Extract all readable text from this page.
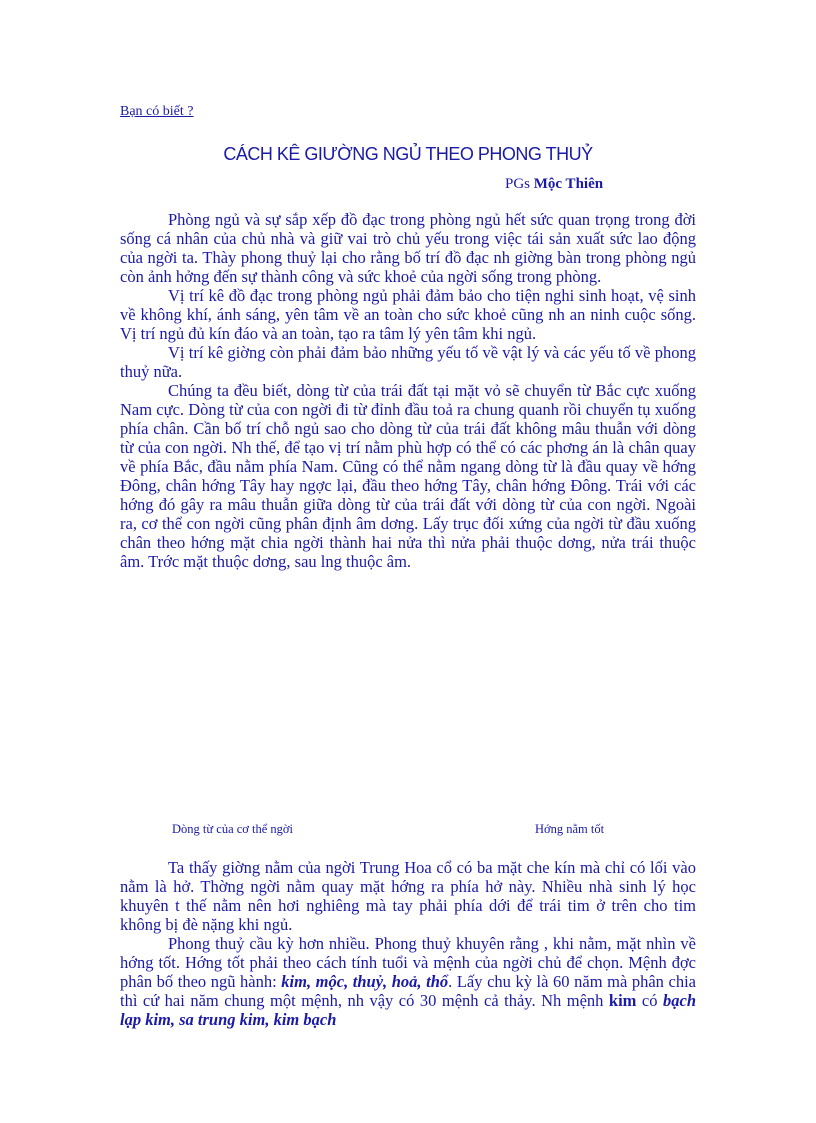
Bạn có biết ?
CÁCH KÊ GIƯỜNG NGỦ THEO PHONG THUỶ
PGs Mộc Thiên

Phòng ngủ và sự sắp xếp đồ đạc trong phòng ngủ hết sức quan trọng trong đời sống cá nhân của chủ nhà và giữ vai trò chủ yếu trong việc tái sản xuất sức lao động của ngời ta. Thày phong thuỷ lại cho rằng bố trí đồ đạc nh giờng bàn trong phòng ngủ còn ảnh hởng đến sự thành công và sức khoẻ của ngời sống trong phòng.

Vị trí kê đồ đạc trong phòng ngủ phải đảm bảo cho tiện nghi sinh hoạt, vệ sinh về không khí, ánh sáng, yên tâm về an toàn cho sức khoẻ cũng nh an ninh cuộc sống. Vị trí ngủ đủ kín đáo và an toàn, tạo ra tâm lý yên tâm khi ngủ.

Vị trí kê giờng còn phải đảm bảo những yếu tố về vật lý và các yếu tố về phong thuỷ nữa.

Chúng ta đều biết, dòng từ của trái đất tại mặt vỏ sẽ chuyển từ Bắc cực xuống Nam cực. Dòng từ của con ngời đi từ đỉnh đầu toả ra chung quanh rồi chuyển tụ xuống phía chân. Cần bố trí chỗ ngủ sao cho dòng từ của trái đất không mâu thuẫn với dòng từ của con ngời. Nh thế, để tạo vị trí nằm phù hợp có thể có các phơng án là chân quay về phía Bắc, đầu nằm phía Nam. Cũng có thể nằm ngang dòng từ là đầu quay về hớng Đông, chân hớng Tây hay ngợc lại, đầu theo hớng Tây, chân hớng Đông. Trái với các hớng đó gây ra mâu thuẫn giữa dòng từ của trái đất với dòng từ của con ngời. Ngoài ra, cơ thể con ngời cũng phân định âm dơng. Lấy trục đối xứng của ngời từ đầu xuống chân theo hớng mặt chia ngời thành hai nửa thì nửa phải thuộc dơng, nửa trái thuộc âm. Trớc mặt thuộc dơng, sau lng thuộc âm.

Dòng từ của cơ thể ngời	Hớng nằm tốt

Ta thấy giờng nằm của ngời Trung Hoa cổ có ba mặt che kín mà chỉ có lối vào nằm là hở. Thờng ngời nằm quay mặt hớng ra phía hở này. Nhiều nhà sinh lý học khuyên t thế nằm nên hơi nghiêng mà tay phải phía dới để trái tim ở trên cho tim không bị đè nặng khi ngủ.

Phong thuỷ cầu kỳ hơn nhiều. Phong thuỷ khuyên rằng , khi nằm, mặt nhìn về hớng tốt. Hớng tốt phải theo cách tính tuổi và mệnh của ngời chủ để chọn. Mệnh đợc phân bố theo ngũ hành: kim, mộc, thuỷ, hoả, thổ. Lấy chu kỳ là 60 năm mà phân chia thì cứ hai năm chung một mệnh, nh vậy có 30 mệnh cả thảy. Nh mệnh kim có bạch lạp kim, sa trung kim, kim bạch
